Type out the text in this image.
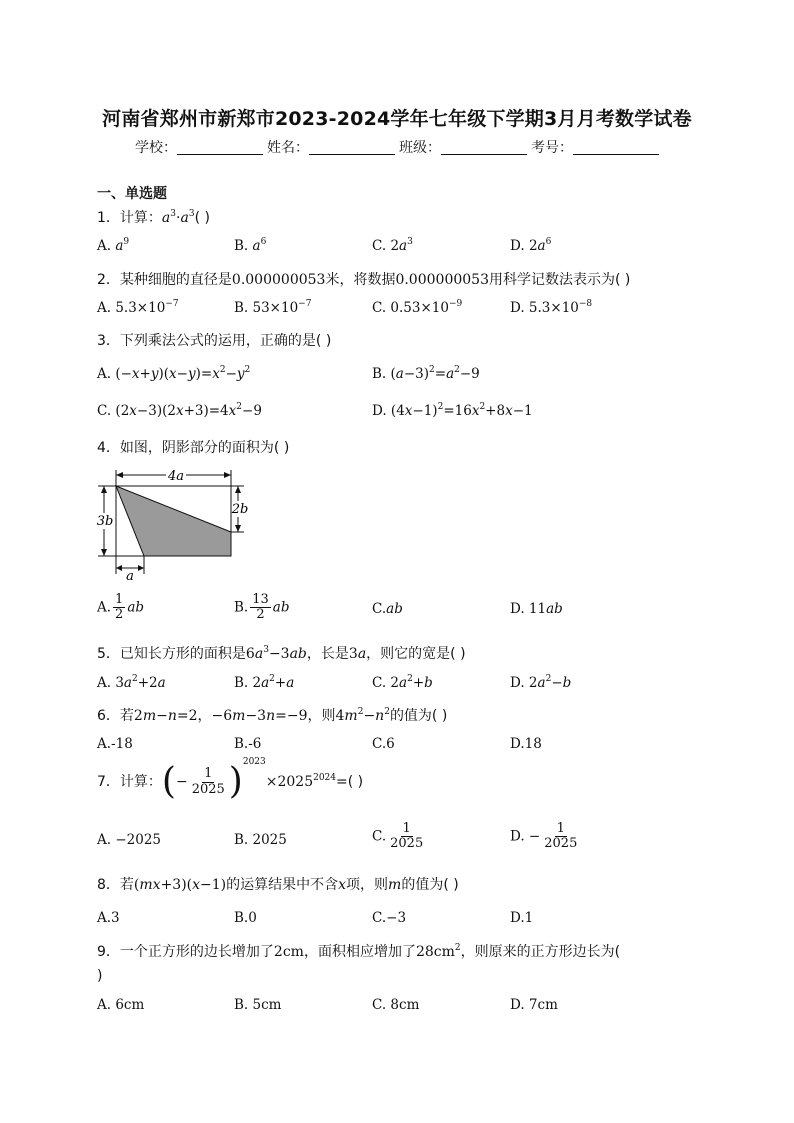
河南省郑州市新郑市2023-2024学年七年级下学期3月月考数学试卷
学校：	姓名：	班级：	考号：
一、单选题
1．计算：$a^3\cdot a^3$( )
A. $a^9$	B. $a^6$	C. $2a^3$	D. $2a^6$
2．某种细胞的直径是0.000000053米，将数据0.000000053用科学记数法表示为( )
A. $5.3\times 10^{-7}$	B. $53\times 10^{-7}$	C. $0.53\times 10^{-9}$	D. $5.3\times 10^{-8}$
3．下列乘法公式的运用，正确的是( )
A. $(-x+y)(x-y)=x^2-y^2$	B. $(a-3)^2=a^2-9$
C. $(2x-3)(2x+3)=4x^2-9$	D. $(4x-1)^2=16x^2+8x-1$
4．如图，阴影部分的面积为( )
4a
2b
3b
a
A. $\frac{1}{2}$ ab	B. $\frac{13}{2}$ ab	C.ab	D. 11ab
5．已知长方形的面积是$6a^3-3ab$，长是3a，则它的宽是( )
A. $3a^2+2a$	B. $2a^2+a$	C. $2a^2+b$	D. $2a^2-b$
6．若2m−n=2，−6m−3n=−9，则$4m^2-n^2$的值为( )
A.-18	B.-6	C.6	D.18
7．计算：(− $\frac{1}{2025} )^{2023}\times 2025^{2024}=$( )
A. −2025	B. 2025	C. $\frac{1}{2025}$	D. − $\frac{1}{2025}$
8．若(mx+3)(x−1)的运算结果中不含x项，则m的值为( )
A.3	B.0	C.−3	D.1
9．一个正方形的边长增加了2cm，面积相应增加了$28cm^2$，则原来的正方形边长为(
)
A. 6cm	B. 5cm	C. 8cm	D. 7cm
